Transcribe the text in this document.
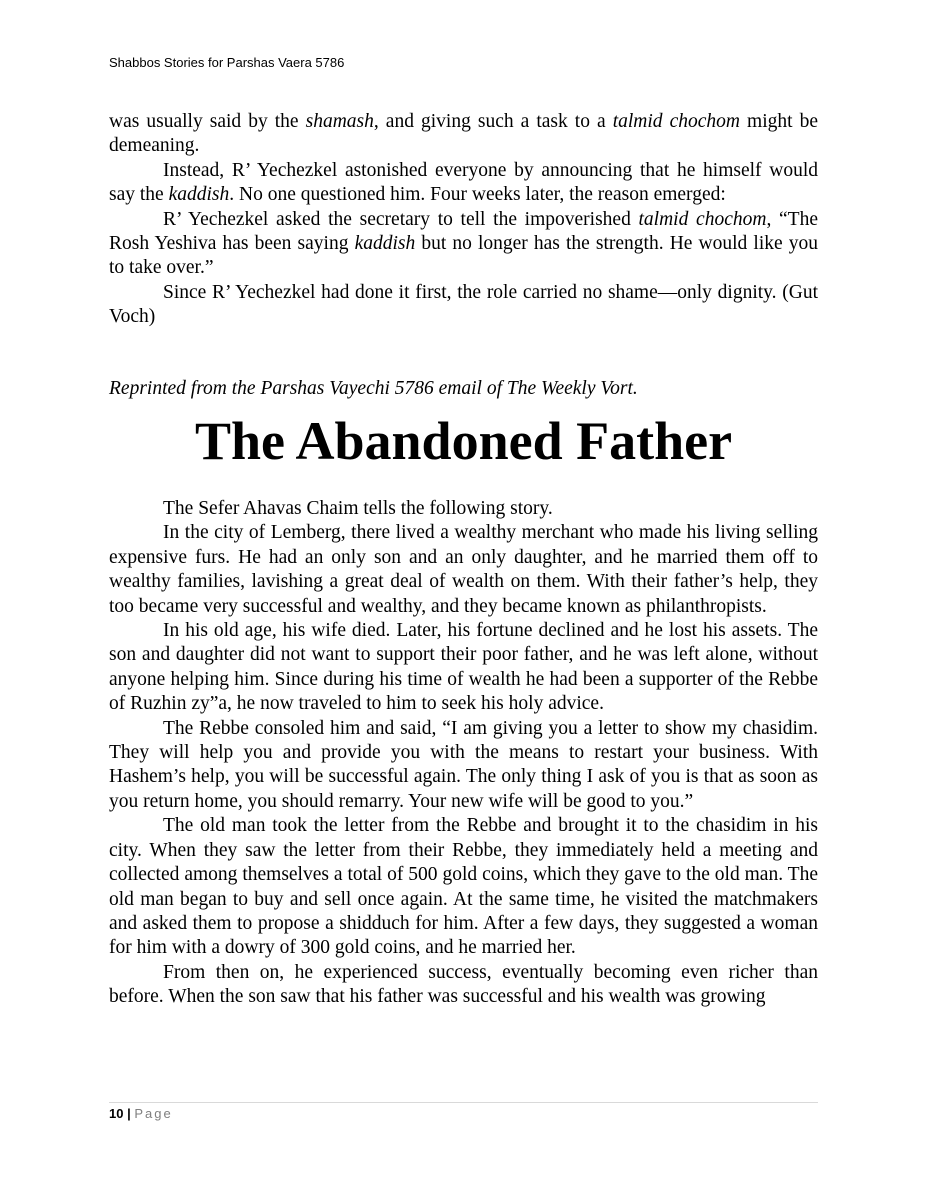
Shabbos Stories for Parshas Vaera 5786

was usually said by the shamash, and giving such a task to a talmid chochom might be demeaning.

Instead, R’ Yechezkel astonished everyone by announcing that he himself would say the kaddish. No one questioned him. Four weeks later, the reason emerged:

R’ Yechezkel asked the secretary to tell the impoverished talmid chochom, “The Rosh Yeshiva has been saying kaddish but no longer has the strength. He would like you to take over.”

Since R’ Yechezkel had done it first, the role carried no shame—only dignity. (Gut Voch)

Reprinted from the Parshas Vayechi 5786 email of The Weekly Vort.
The Abandoned Father

The Sefer Ahavas Chaim tells the following story.

In the city of Lemberg, there lived a wealthy merchant who made his living selling expensive furs. He had an only son and an only daughter, and he married them off to wealthy families, lavishing a great deal of wealth on them. With their father’s help, they too became very successful and wealthy, and they became known as philanthropists.

In his old age, his wife died. Later, his fortune declined and he lost his assets. The son and daughter did not want to support their poor father, and he was left alone, without anyone helping him. Since during his time of wealth he had been a supporter of the Rebbe of Ruzhin zy”a, he now traveled to him to seek his holy advice.

The Rebbe consoled him and said, “I am giving you a letter to show my chasidim. They will help you and provide you with the means to restart your business. With Hashem’s help, you will be successful again. The only thing I ask of you is that as soon as you return home, you should remarry. Your new wife will be good to you.”

The old man took the letter from the Rebbe and brought it to the chasidim in his city. When they saw the letter from their Rebbe, they immediately held a meeting and collected among themselves a total of 500 gold coins, which they gave to the old man. The old man began to buy and sell once again. At the same time, he visited the matchmakers and asked them to propose a shidduch for him. After a few days, they suggested a woman for him with a dowry of 300 gold coins, and he married her.

From then on, he experienced success, eventually becoming even richer than before. When the son saw that his father was successful and his wealth was growing

10 | Page
